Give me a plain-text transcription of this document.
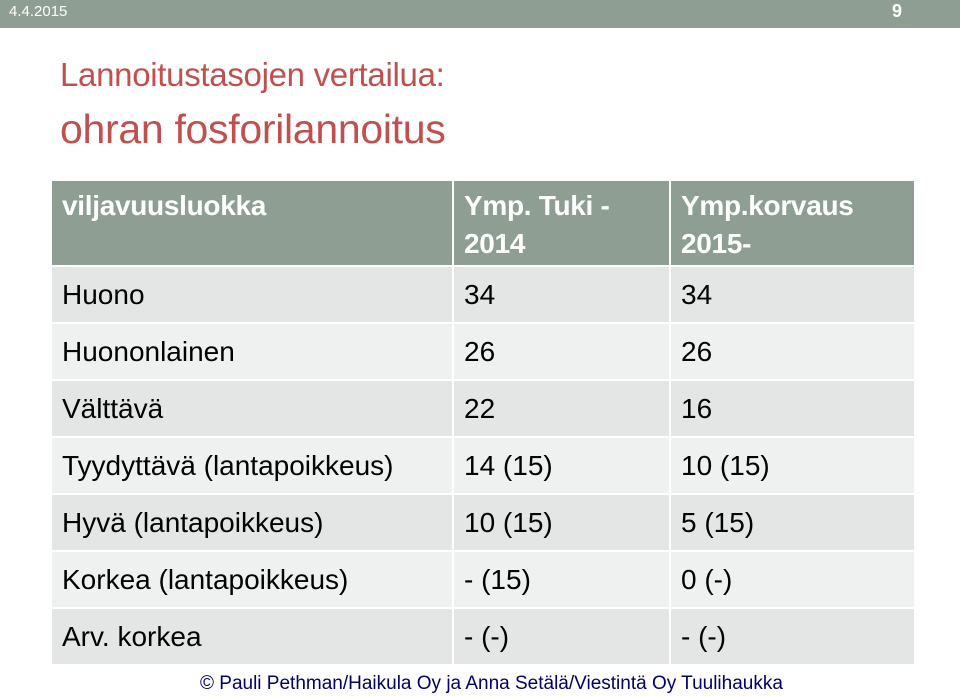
4.4.2015	9
Lannoitustasojen vertailua:
ohran fosforilannoitus
viljavuusluokka	Ymp. Tuki - 2014	Ymp.korvaus 2015-
Huono	34	34
Huononlainen	26	26
Välttävä	22	16
Tyydyttävä (lantapoikkeus)	14 (15)	10 (15)
Hyvä (lantapoikkeus)	10 (15)	5 (15)
Korkea (lantapoikkeus)	- (15)	0 (-)
Arv. korkea	- (-)	- (-)
© Pauli Pethman/Haikula Oy ja Anna Setälä/Viestintä Oy Tuulihaukka
